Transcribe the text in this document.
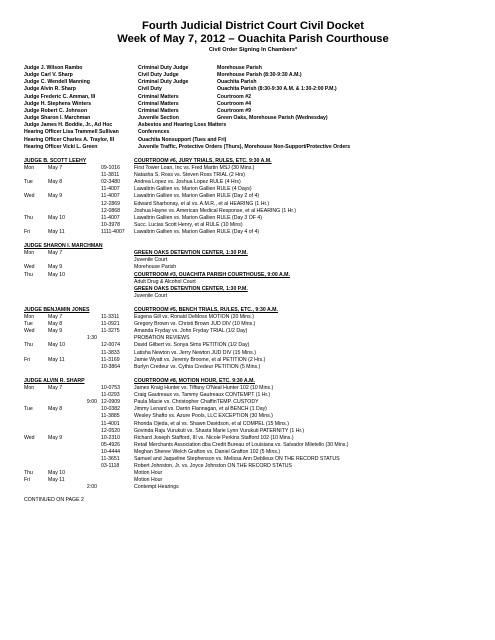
Fourth Judicial District Court Civil Docket
Week of May 7, 2012 – Ouachita Parish Courthouse
Civil Order Signing In Chambers*
Judge J. Wilson Rambo	Criminal Duty Judge	Morehouse Parish
Judge Carl V. Sharp	Civil Duty Judge	Morehouse Parish (8:30-9:30 A.M.)
Judge C. Wendell Manning	Criminal Duty Judge	Ouachita Parish
Judge Alvin R. Sharp	Civil Duty	Ouachita Parish (8:30-9:30 A.M. & 1:30-2:00 P.M.)
Judge Frederic C. Amman, III	Criminal Matters	Courtroom #2
Judge H. Stephens Winters	Criminal Matters	Courtroom #4
Judge Robert C. Johnson	Criminal Matters	Courtroom #9
Judge Sharon I. Marchman	Juvenile Section	Green Oaks, Morehouse Parish (Wednesday)
Judge James H. Boddie, Jr., Ad Hoc	Asbestos and Hearing Loss Matters
Hearing Officer Lisa Trammell Sullivan	Conferences
Hearing Officer Charles A. Traylor, III	Ouachita Nonsupport (Tues and Fri)
Hearing Officer Vicki L. Green	Juvenile Traffic, Protective Orders (Thurs), Morehouse Non-Support/Protective Orders
JUDGE B. SCOTT LEEHY	COURTROOM #6, JURY TRIALS, RULES, ETC. 9:30 A.M.
Mon	May 7	09-1016	First Tower Loan, Inc vs. Fred Martin MSJ (30 Mins.)
11-3811	Natasha S. Ross vs. Steven Ross TRIAL (2 Hrs)
Tue	May 8	02-3480	Andrea Lopez vs. Joshua Lopez RULE (4 Hrs)
11-4007	Lawaltrin Gallien vs. Marion Gallien RULE (4 Days)
Wed	May 9	11-4007	Lawaltrin Gallien vs. Marion Gallien RULE (Day 2 of 4)
12-2869	Edward Sharbonay, et al vs. A.M.R., et al HEARING (1 Hr.)
12-0868	Joshua Hayne vs. American Medical Response, et al HEARING (1 Hr.)
Thu	May 10	11-4007	Lawaltrin Gallien vs. Marion Gallien RULE (Day 3 OF 4)
10-3978	Succ. Lucias Scott Henry, et al RULE (10 Mins)
Fri	May 11	1111-4007	Lawaltrin Gallien vs. Marion Gallien RULE (Day 4 of 4)
JUDGE SHARON I. MARCHMAN
Mon	May 7	GREEN OAKS DETENTION CENTER, 1:30 P.M.
Juvenile Court
Wed	May 9	Morehouse Parish
Thu	May 10	COURTROOM #3, OUACHITA PARISH COURTHOUSE, 9:00 A.M.
Adult Drug & Alcohol Court
GREEN OAKS DETENTION CENTER, 1:30 P.M.
Juvenile Court
JUDGE BENJAMIN JONES	COURTROOM #5, BENCH TRIALS, RULES, ETC., 9:30 A.M.
Mon	May 7	11-3311	Eugena Gill vs. Ronald DeMoss MOTION (20 Mins.)
Tue	May 8	11-0921	Gregory Brown vs. Christi Brown JUD DIV (10 Mins.)
Wed	May 9	11-3275	Amanda Fryday vs. John Fryday TRIAL (1/2 Day)
1:30	PROBATION REVIEWS
Thu	May 10	12-0074	David Gilbert vs. Sonya Sims PETITION (1/2 Day)
11-3833	Latisha Newton vs. Jerry Newton JUD DIV (15 Mins.)
Fri	May 11	11-3169	Jamie Wyatt vs. Jeremy Broome, et al PETITION (2 Hrs.)
10-3864	Burlyn Credeur vs. Cythia Credeur PETITION (5 Mins.)
JUDGE ALVIN R. SHARP	COURTROOM #8, MOTION HOUR, ETC. 9:30 A.M.
Mon	May 7	10-0753	James Kraig Hunter vs. Tiffany O'Neal Hunter 102 (10 Mins.)
11-0293	Craig Gautreaux vs. Tammy Gautreaux CONTEMPT (1 Hr.)
9:00 12-0909	Paula Macie vs. Christopher ChaffinTEMP. CUSTODY
Tue	May 8	10-0382	Jimmy Lenard vs. Darrin Flannagan, et al BENCH (1 Day)
11-3885	Wesley Shafto vs. Azure Pools, LLC EXCEPTION (30 Mins.)
11-4001	Rhonda Ojeda, et al vs. Shawn Davidson, et al COMPEL (15 Mins.)
12-0520	Govinda Raju Vurukuti vs. Shasta Marie Lynn Vurukuti PATERNITY (1 Hr.)
Wed	May 9	10-2310	Richard Joseph Stafford, III vs. Nicole Perkins Stafford 102 (10 Mins.)
05-4926	Retail Merchants Association dba Credit Bureau of Louisiana vs. Salvador Miletello (30 Mins.)
10-4444	Meghan Sheree Welch Grafton vs. Daniel Grafton 102 (5 Mins.)
11-3651	Samuel and Jaqueline Stephenson vs. Melissa Ann Deblieux ON THE RECORD STATUS
03-1118	Robert Johnston, Jr. vs. Joyce Johnston ON THE RECORD STATUS
Thu	May 10	Motion Hour
Fri	May 11	Motion Hour
2:00	Contempt Hearings
CONTINUED ON PAGE 2
